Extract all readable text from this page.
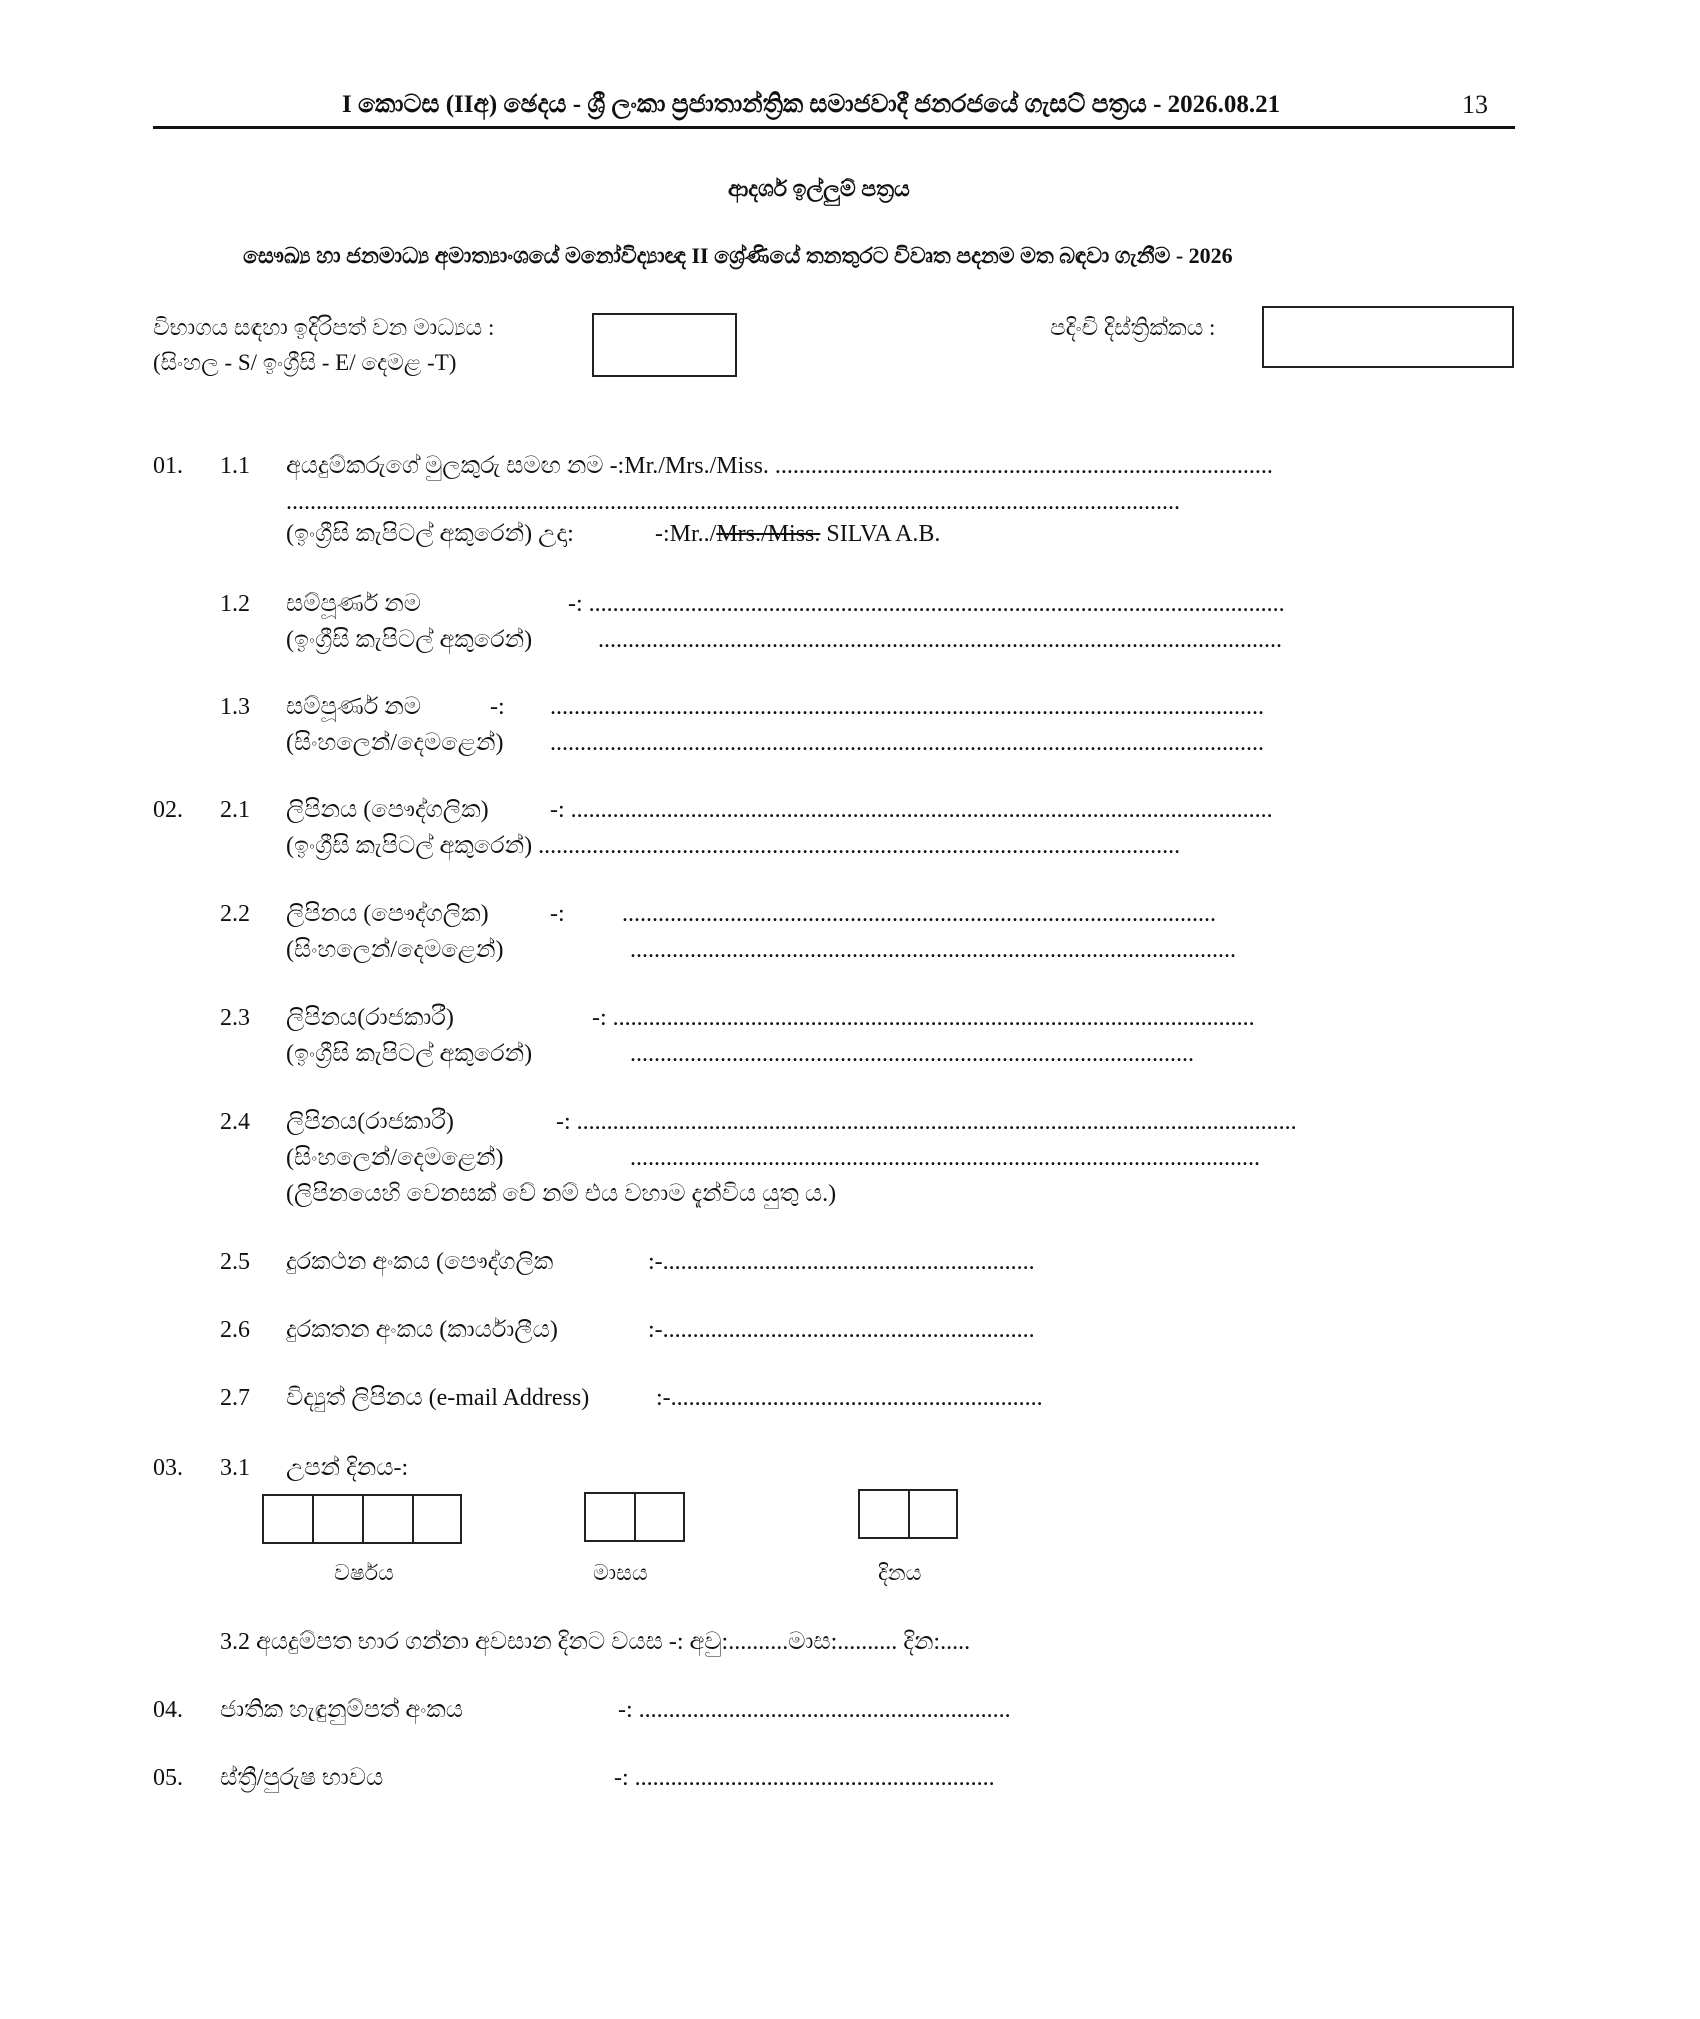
I කොටස (IIඅ) ඡෙදය - ශ්‍රී ලංකා ප්‍රජාතාන්ත්‍රික සමාජවාදී ජනරජයේ ගැසට් පත්‍රය - 2026.08.21	13
ආදර්ශ ඉල්ලුම් පත්‍රය
සෞඛ්‍ය හා ජනමාධ්‍ය අමාත්‍යාංශයේ මනෝවිද්‍යාඥ II ශ්‍රේණියේ තනතුරට විවෘත පදනම මත බඳවා ගැනීම - 2026
විභාගය සඳහා ඉදිරිපත් වන මාධ්‍යය :
(සිංහල - S/ ඉංග්‍රීසි - E/ දෙමළ -T)
පදිංචි දිස්ත්‍රික්කය :
01. 1.1 අයදුම්කරුගේ මුලකුරු සමඟ නම -:Mr./Mrs./Miss. ...................................................................................
.....................................................................................................................................................
(ඉංග්‍රීසි කැපිටල් අකුරෙන්) උදා:	-:Mr../Mrs./Miss. SILVA A.B.
1.2 සම්පූර්ණ නම	-: ....................................................................................................................
(ඉංග්‍රීසි කැපිටල් අකුරෙන්)	..................................................................................................................
1.3 සම්පූර්ණ නම	-: .......................................................................................................................
(සිංහලෙන්/දෙමළෙන්) .......................................................................................................................
02. 2.1 ලිපිනය (පෞද්ගලික)	-: .....................................................................................................................
(ඉංග්‍රීසි කැපිටල් අකුරෙන්) ...........................................................................................................
2.2 ලිපිනය (පෞද්ගලික)	-: ...................................................................................................
(සිංහලෙන්/දෙමළෙන්)	.....................................................................................................
2.3 ලිපිනය(රාජකාරී)	-: ...........................................................................................................
(ඉංග්‍රීසි කැපිටල් අකුරෙන්)	..............................................................................................
2.4 ලිපිනය(රාජකාරී)	-: ........................................................................................................................
(සිංහලෙන්/දෙමළෙන්)	.........................................................................................................
(ලිපිනයෙහි වෙනසක් වේ නම් එය වහාම දැන්විය යුතු ය.)
2.5 දුරකථන අංකය (පෞද්ගලික	:-..............................................................
2.6 දුරකතන අංකය (කාර්යාලීය)	:-..............................................................
2.7 විද්‍යුත් ලිපිනය (e-mail Address)	:-..............................................................
03. 3.1 උපන් දිනය-:
වර්ෂය	මාසය	දිනය
3.2 අයදුම්පත භාර ගන්නා අවසාන දිනට වයස -: අවු:..........මාස:.......... දින:.....
04. ජාතික හැඳුනුම්පත් අංකය	-: ..............................................................
05. ස්ත්‍රී/පුරුෂ භාවය	-: ............................................................
